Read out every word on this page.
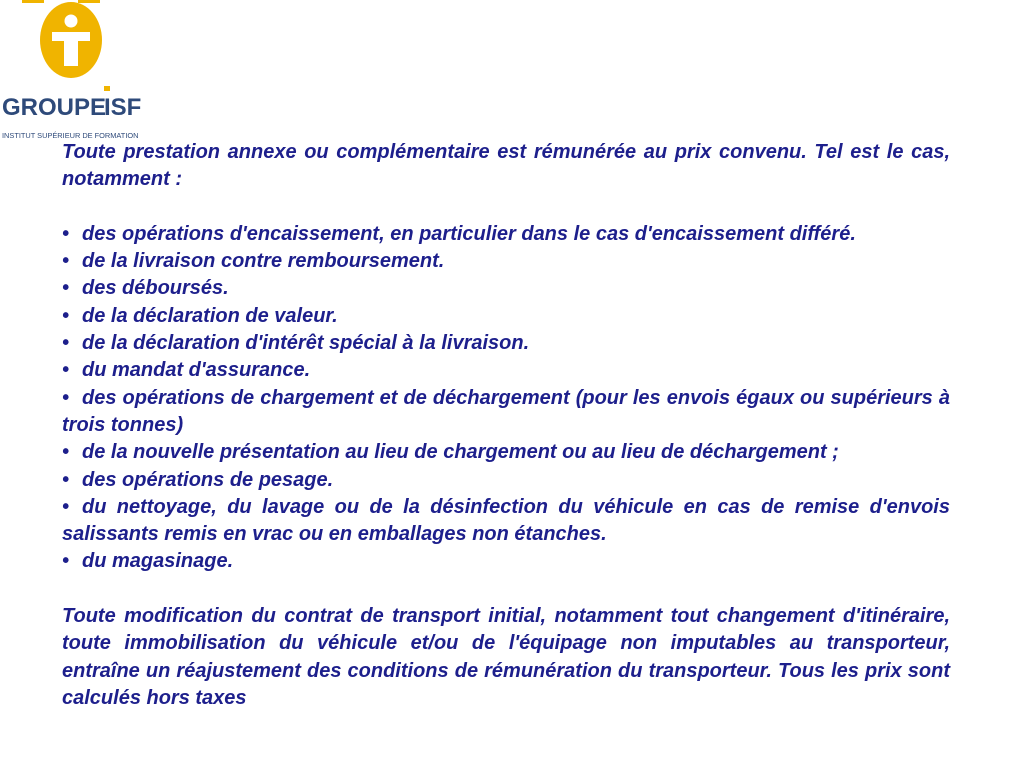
GROUPE
ISF
INSTITUT SUPÉRIEUR DE FORMATION

Toute prestation annexe ou complémentaire est rémunérée au prix convenu. Tel est le cas, notamment :

• des opérations d'encaissement, en particulier dans le cas d'encaissement différé.
• de la livraison contre remboursement.
• des déboursés.
• de la déclaration de valeur.
• de la déclaration d'intérêt spécial à la livraison.
• du mandat d'assurance.
• des opérations de chargement et de déchargement (pour les envois égaux ou supérieurs à trois tonnes)
• de la nouvelle présentation au lieu de chargement ou au lieu de déchargement ;
• des opérations de pesage.
• du nettoyage, du lavage ou de la désinfection du véhicule en cas de remise d'envois salissants remis en vrac ou en emballages non étanches.
• du magasinage.

Toute modification du contrat de transport initial, notamment tout changement d'itinéraire, toute immobilisation du véhicule et/ou de l'équipage non imputables au transporteur, entraîne un réajustement des conditions de rémunération du transporteur. Tous les prix sont calculés hors taxes
